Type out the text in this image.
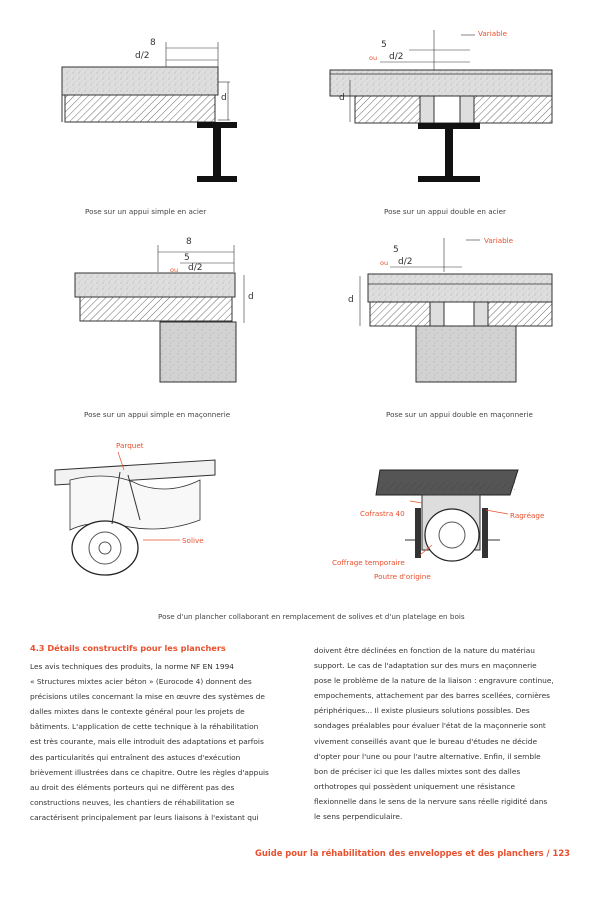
8
d/2
d
Pose sur un appui simple en acier
Variable
5
ou d/2
d
Pose sur un appui double en acier
8
5
ou d/2
d
Pose sur un appui simple en maçonnerie
Variable
5
ou d/2
d
Pose sur un appui double en maçonnerie
Parquet
Solive
Cofrastra 40	Ragréage
Coffrage temporaire
Poutre d'origine
Pose d'un plancher collaborant en remplacement de solives et d'un platelage en bois
4.3 Détails constructifs pour les planchers

Les avis techniques des produits, la norme NF EN 1994

« Structures mixtes acier béton » (Eurocode 4) donnent des

précisions utiles concernant la mise en œuvre des systèmes de

dalles mixtes dans le contexte général pour les projets de

bâtiments. L'application de cette technique à la réhabilitation

est très courante, mais elle introduit des adaptations et parfois

des particularités qui entraînent des astuces d'exécution

brièvement illustrées dans ce chapitre. Outre les règles d'appuis

au droit des éléments porteurs qui ne diffèrent pas des

constructions neuves, les chantiers de réhabilitation se

caractérisent principalement par leurs liaisons à l'existant qui

doivent être déclinées en fonction de la nature du matériau

support. Le cas de l'adaptation sur des murs en maçonnerie

pose le problème de la nature de la liaison : engravure continue,

empochements, attachement par des barres scellées, cornières

périphériques... Il existe plusieurs solutions possibles. Des

sondages préalables pour évaluer l'état de la maçonnerie sont

vivement conseillés avant que le bureau d'études ne décide

d'opter pour l'une ou pour l'autre alternative. Enfin, il semble

bon de préciser ici que les dalles mixtes sont des dalles

orthotropes qui possèdent uniquement une résistance

flexionnelle dans le sens de la nervure sans réelle rigidité dans

le sens perpendiculaire.

Guide pour la réhabilitation des enveloppes et des planchers / 123
